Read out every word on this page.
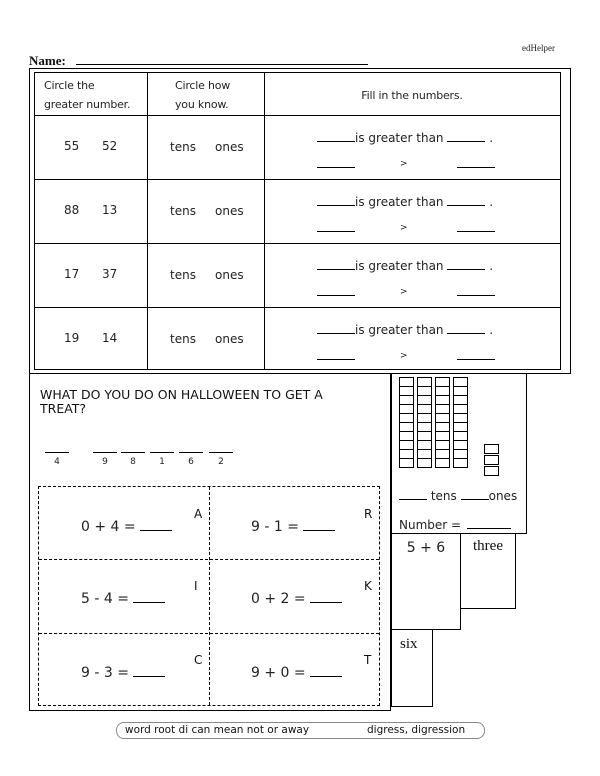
edHelper
Name:
Circle the
greater number.
Circle how
you know.
Fill in the numbers.
55 52	tens ones
is greater than	.
>
88 13	tens ones
is greater than	.
>
17 37	tens ones
is greater than	.
>
19 14	tens ones
is greater than	.
>
WHAT DO YOU DO ON HALLOWEEN TO GET A TREAT?
4	9	8	1	6	2
0 + 4 =
A
9 - 1 =
R
5 - 4 =
I
0 + 2 =
K
9 - 3 =
C
9 + 0 =
T
tens	ones
Number =
5 + 6	three
six
word root di can mean not or away	digress, digression
